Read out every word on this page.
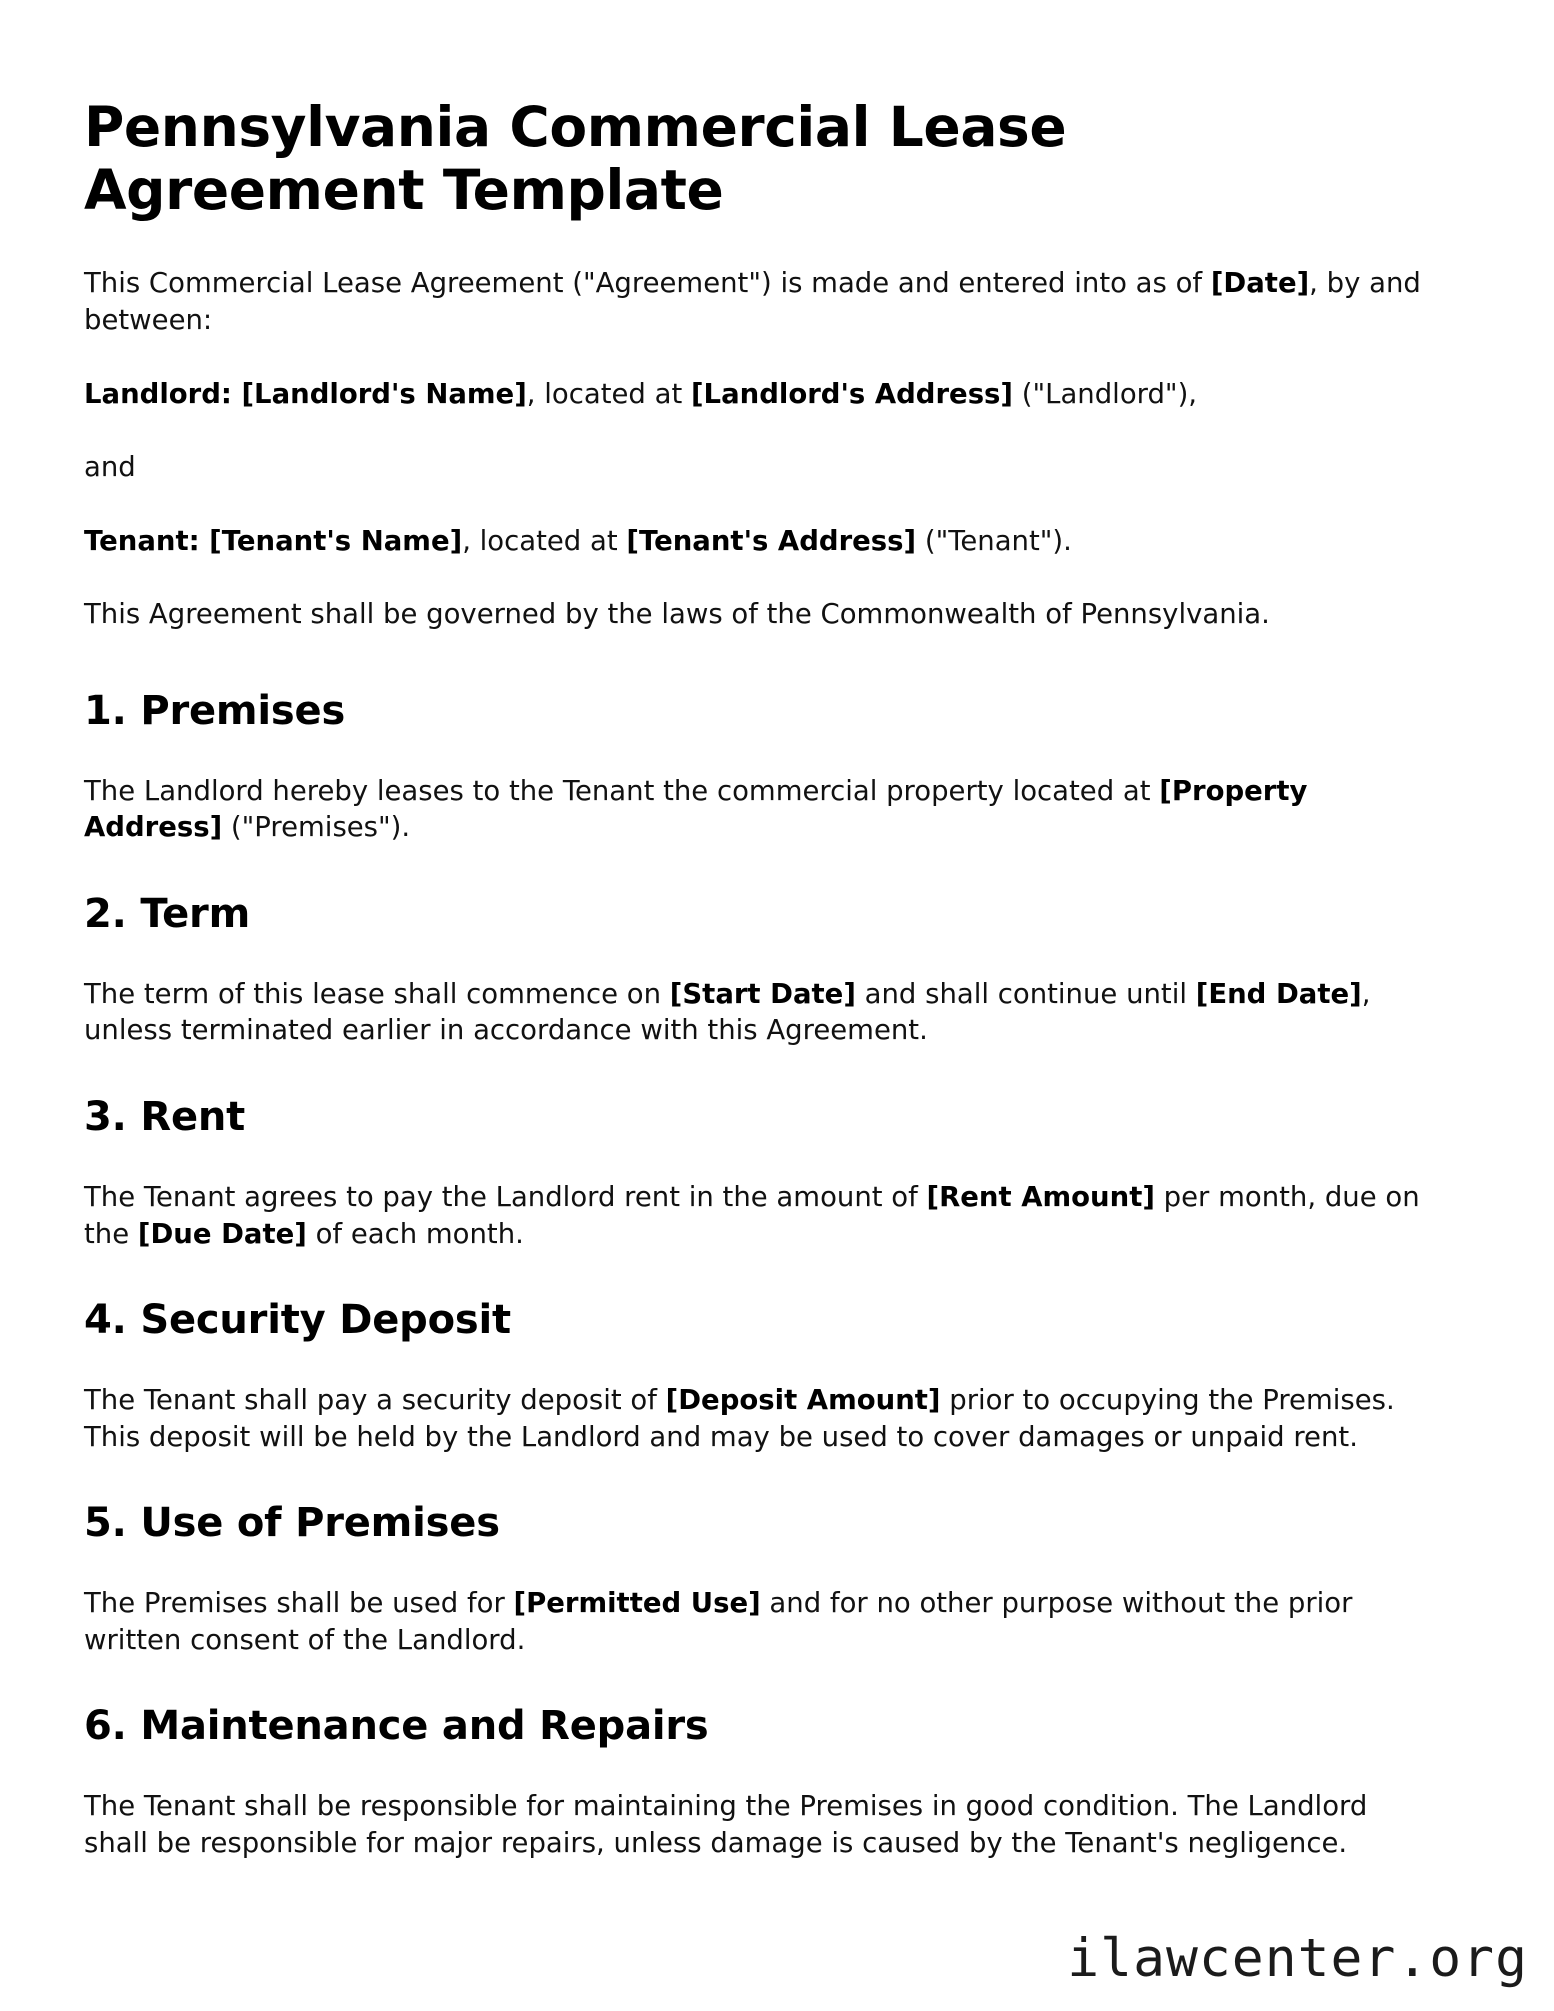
Pennsylvania Commercial Lease Agreement Template

This Commercial Lease Agreement ("Agreement") is made and entered into as of [Date], by and between:

Landlord: [Landlord's Name], located at [Landlord's Address] ("Landlord"),

and

Tenant: [Tenant's Name], located at [Tenant's Address] ("Tenant").

This Agreement shall be governed by the laws of the Commonwealth of Pennsylvania.

1. Premises

The Landlord hereby leases to the Tenant the commercial property located at [Property Address] ("Premises").

2. Term

The term of this lease shall commence on [Start Date] and shall continue until [End Date], unless terminated earlier in accordance with this Agreement.

3. Rent

The Tenant agrees to pay the Landlord rent in the amount of [Rent Amount] per month, due on the [Due Date] of each month.

4. Security Deposit

The Tenant shall pay a security deposit of [Deposit Amount] prior to occupying the Premises. This deposit will be held by the Landlord and may be used to cover damages or unpaid rent.

5. Use of Premises

The Premises shall be used for [Permitted Use] and for no other purpose without the prior written consent of the Landlord.

6. Maintenance and Repairs

The Tenant shall be responsible for maintaining the Premises in good condition. The Landlord shall be responsible for major repairs, unless damage is caused by the Tenant's negligence.

ilawcenter.org
